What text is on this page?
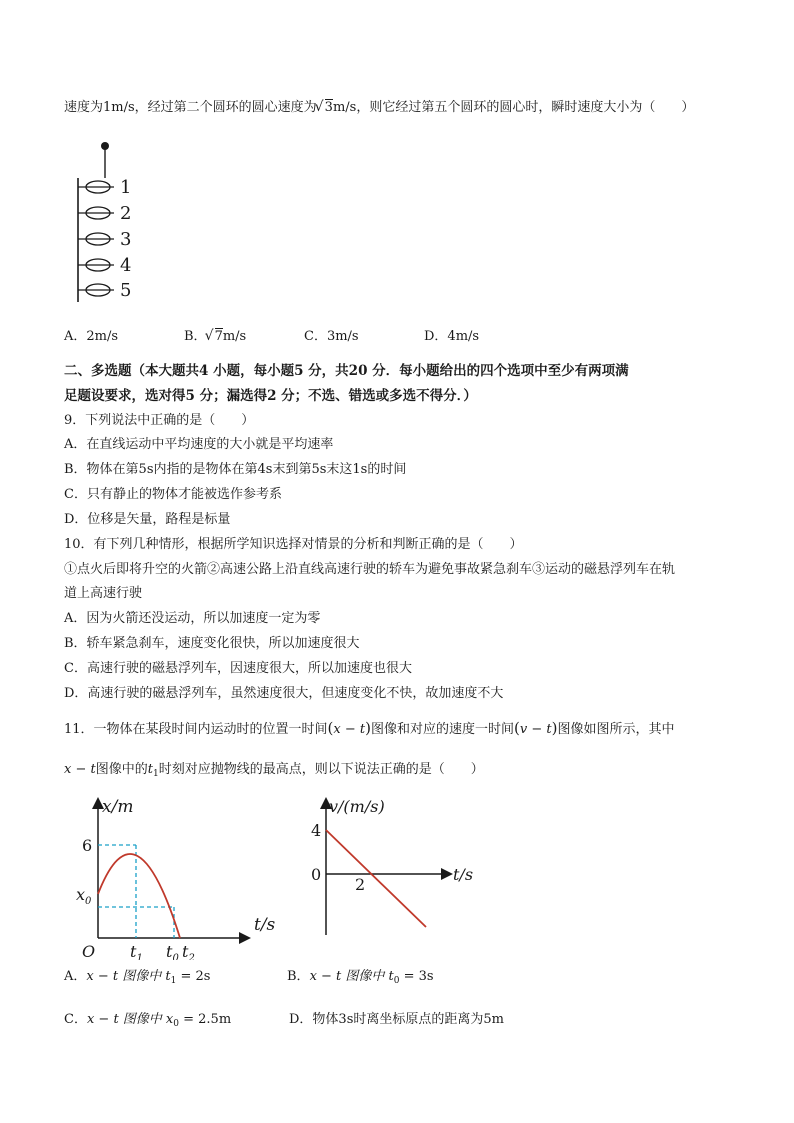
速度为1m/s，经过第二个圆环的圆心速度为 √ 3m/s，则它经过第五个圆环的圆心时，瞬时速度大小为（　　）
1
2
3
4
5
A．2m/s	B． √ 7m/s	C．3m/s	D．4m/s
二、多选题（本大题共4 小题，每小题5 分，共20 分．每小题给出的四个选项中至少有两项满
足题设要求，选对得5 分；漏选得2 分；不选、错选或多选不得分．）
9．下列说法中正确的是（　　）
A．在直线运动中平均速度的大小就是平均速率
B．物体在第5s内指的是物体在第4s末到第5s末这1s的时间
C．只有静止的物体才能被选作参考系
D．位移是矢量，路程是标量
10．有下列几种情形，根据所学知识选择对情景的分析和判断正确的是（　　）
①点火后即将升空的火箭②高速公路上沿直线高速行驶的轿车为避免事故紧急刹车③运动的磁悬浮列车在轨
道上高速行驶
A．因为火箭还没运动，所以加速度一定为零
B．轿车紧急刹车，速度变化很快，所以加速度很大
C．高速行驶的磁悬浮列车，因速度很大，所以加速度也很大
D．高速行驶的磁悬浮列车，虽然速度很大，但速度变化不快，故加速度不大
11．一物体在某段时间内运动时的位置一时间(x − t)图像和对应的速度一时间(v − t)图像如图所示，其中
x − t图像中的$t_1$时刻对应抛物线的最高点，则以下说法正确的是（　　）
x/m
t/s
6
$x_0$
O $t_1$ $t_0$ $t_2$
v/(m/s)
t/s
4
0
2
A．x − t 图像中 $t_1 = 2s$	B．x − t 图像中 $t_0 = 3s$
C．x − t 图像中 $x_0 = 2.5m$	D．物体3s时离坐标原点的距离为5m
